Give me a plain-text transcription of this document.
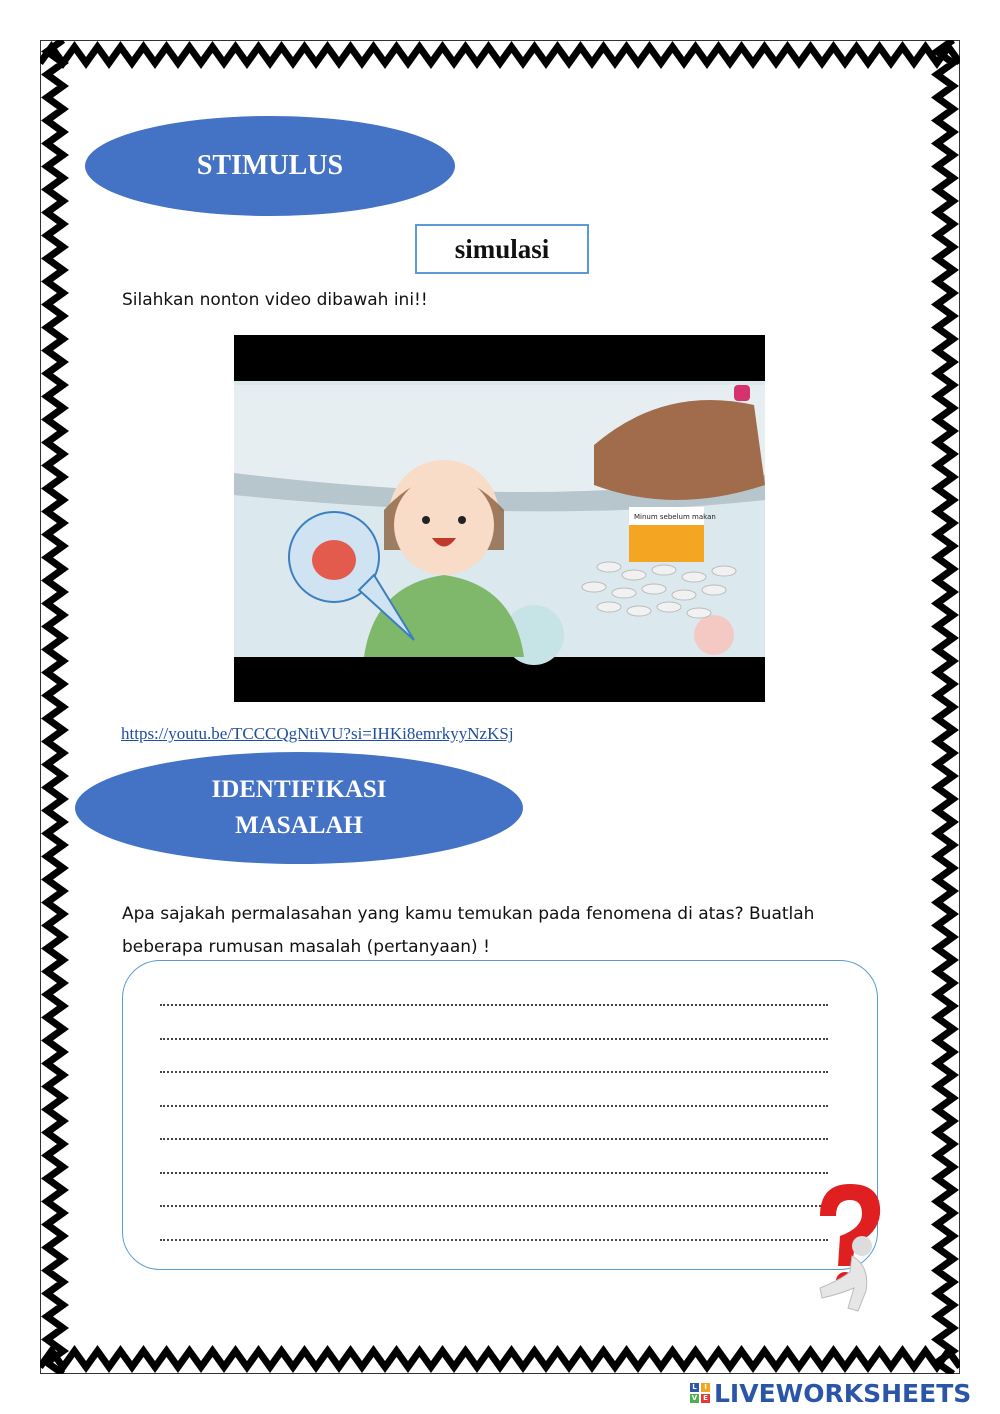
STIMULUS
simulasi
Silahkan nonton video dibawah ini!!
Minum sebelum makan
https://youtu.be/TCCCQgNtiVU?si=IHKi8emrkyyNzKSj
IDENTIFIKASI
MASALAH
Apa sajakah permalasahan yang kamu temukan pada fenomena di atas? Buatlah beberapa rumusan masalah (pertanyaan) !
L	I
V E LIVEWORKSHEETS
